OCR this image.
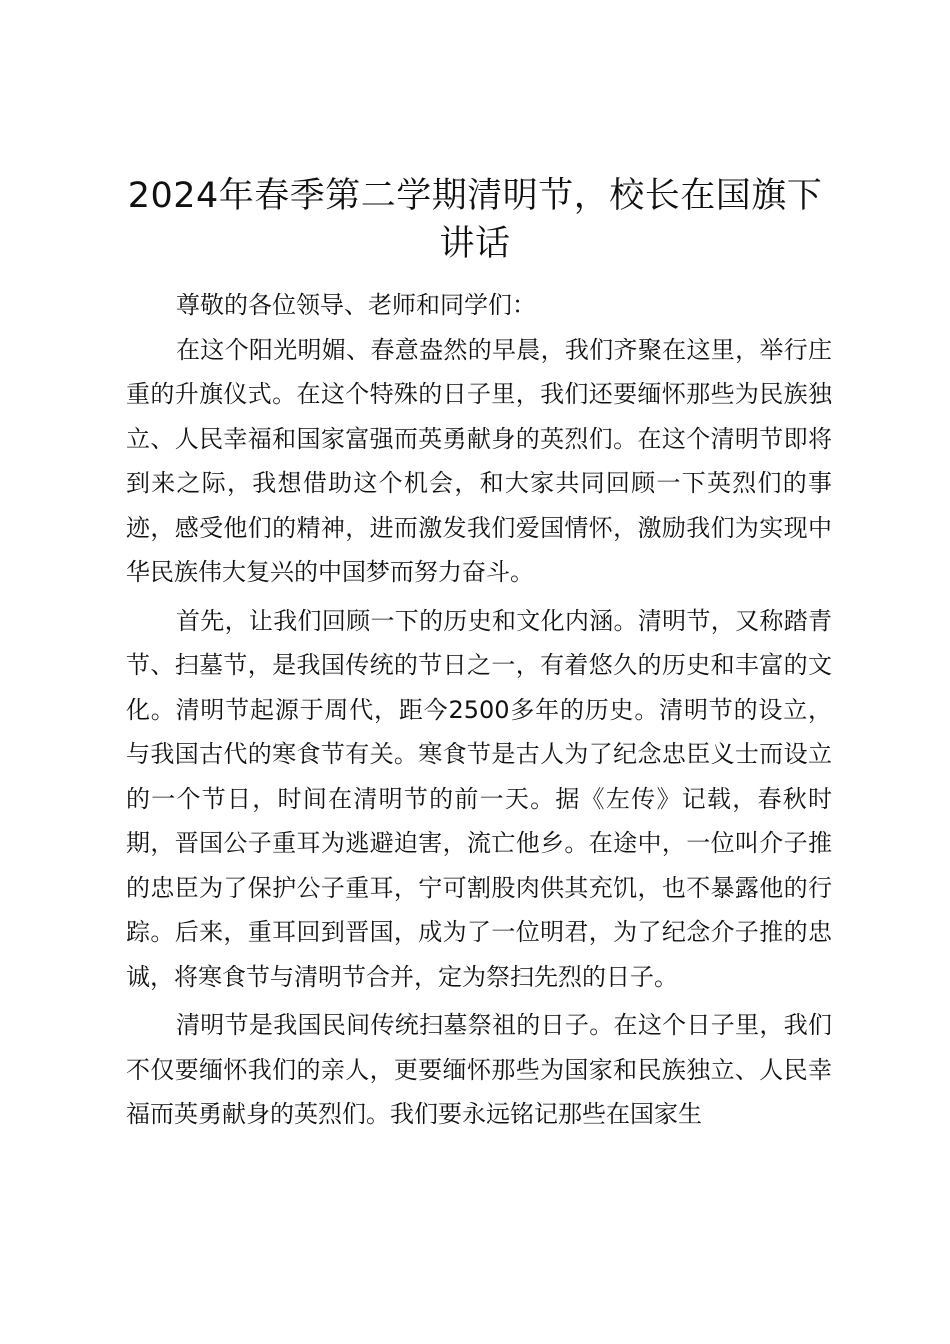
2024年春季第二学期清明节，校长在国旗下讲话

尊敬的各位领导、老师和同学们：

在这个阳光明媚、春意盎然的早晨，我们齐聚在这里，举行庄重的升旗仪式。在这个特殊的日子里，我们还要缅怀那些为民族独立、人民幸福和国家富强而英勇献身的英烈们。在这个清明节即将到来之际，我想借助这个机会，和大家共同回顾一下英烈们的事迹，感受他们的精神，进而激发我们爱国情怀，激励我们为实现中华民族伟大复兴的中国梦而努力奋斗。

首先，让我们回顾一下的历史和文化内涵。清明节，又称踏青节、扫墓节，是我国传统的节日之一，有着悠久的历史和丰富的文化。清明节起源于周代，距今2500多年的历史。清明节的设立，与我国古代的寒食节有关。寒食节是古人为了纪念忠臣义士而设立的一个节日，时间在清明节的前一天。据《左传》记载，春秋时期，晋国公子重耳为逃避迫害，流亡他乡。在途中，一位叫介子推的忠臣为了保护公子重耳，宁可割股肉供其充饥，也不暴露他的行踪。后来，重耳回到晋国，成为了一位明君，为了纪念介子推的忠诚，将寒食节与清明节合并，定为祭扫先烈的日子。

清明节是我国民间传统扫墓祭祖的日子。在这个日子里，我们不仅要缅怀我们的亲人，更要缅怀那些为国家和民族独立、人民幸福而英勇献身的英烈们。我们要永远铭记那些在国家生
